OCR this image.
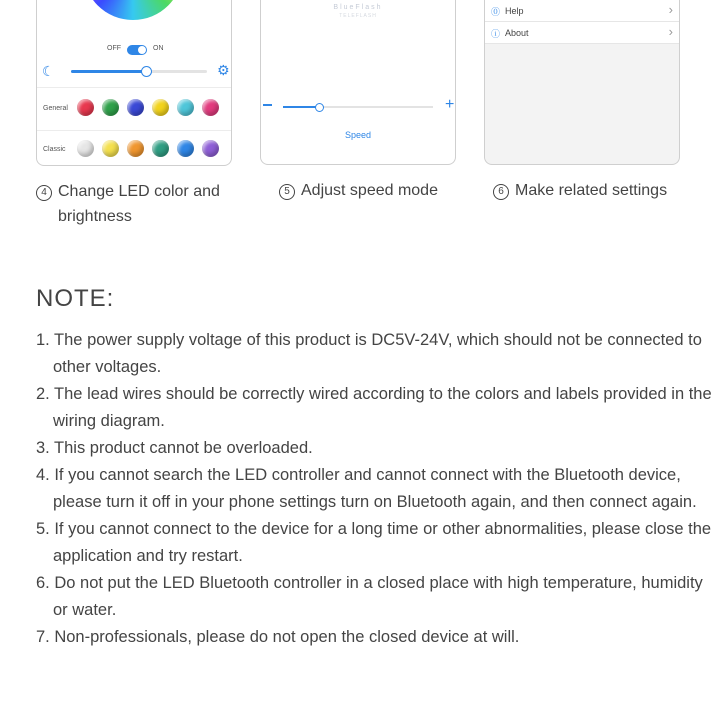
OFF	ON
☾	⚙
General
Classic
BlueFlash
TELEFLASH
+
Speed
⓪ Help	›
ⓘ About	›
4 Change LED color and
brightness
5 Adjust speed mode	6 Make related settings
NOTE:
1. The power supply voltage of this product is DC5V-24V, which should not be connected to other voltages.
2. The lead wires should be correctly wired according to the colors and labels provided in the wiring diagram.
3. This product cannot be overloaded.
4. If you cannot search the LED controller and cannot connect with the Bluetooth device, please turn it off in your phone settings turn on Bluetooth again, and then connect again.
5. If you cannot connect to the device for a long time or other abnormalities, please close the application and try restart.
6. Do not put the LED Bluetooth controller in a closed place with high temperature, humidity or water.
7. Non-professionals, please do not open the closed device at will.
